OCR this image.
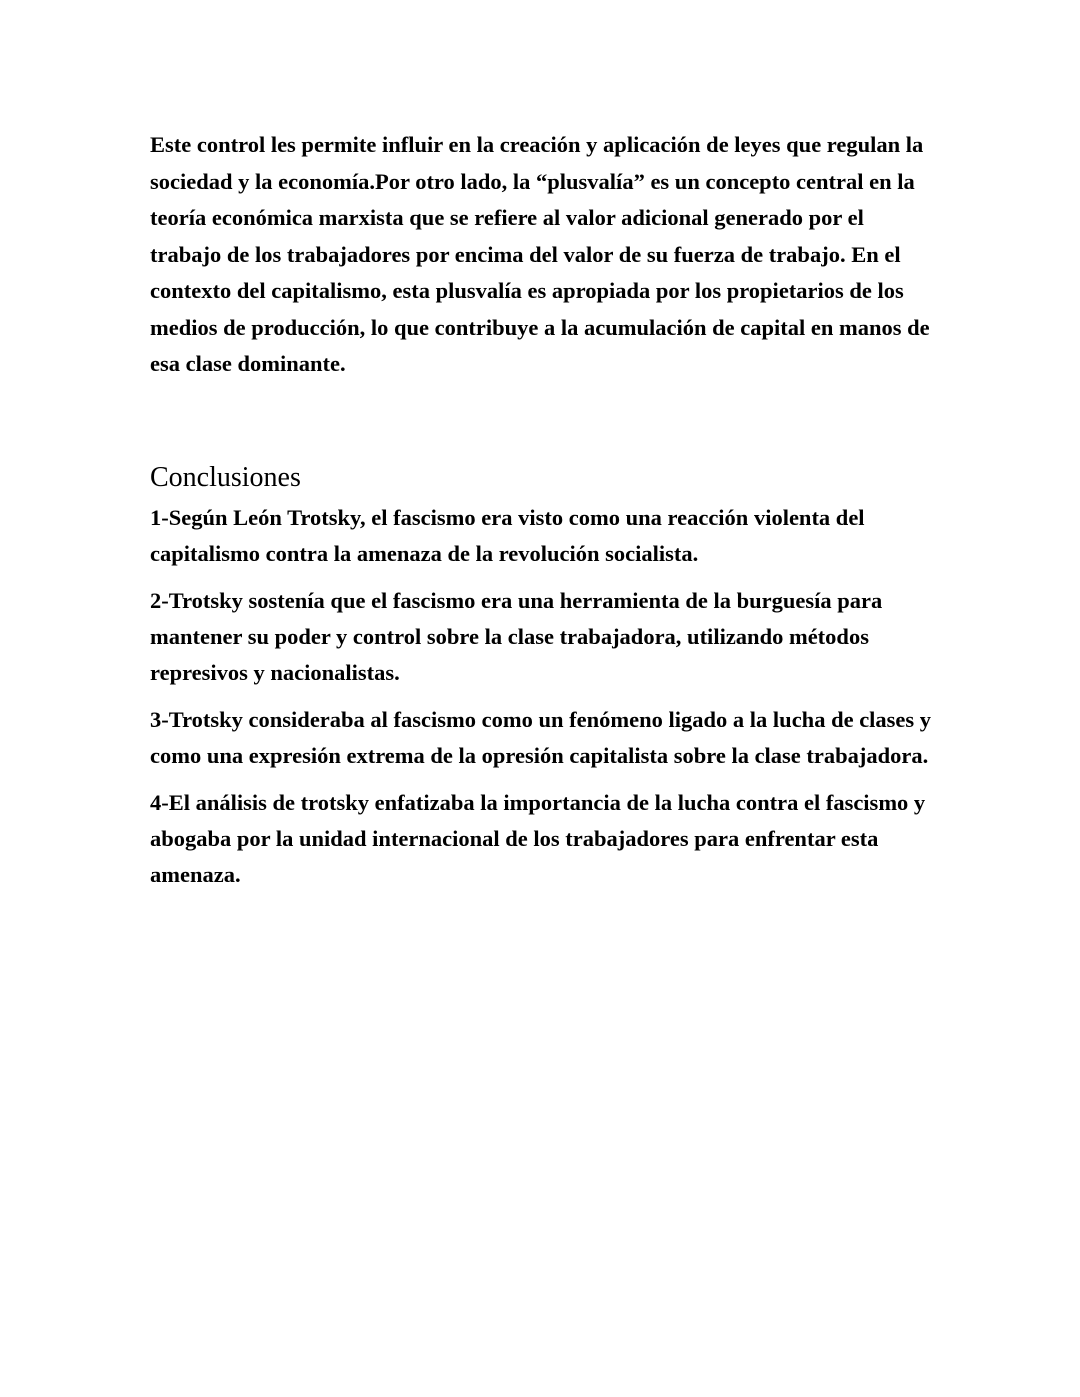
Este control les permite influir en la creación y aplicación de leyes que regulan la sociedad y la economía.Por otro lado, la “plusvalía” es un concepto central en la teoría económica marxista que se refiere al valor adicional generado por el trabajo de los trabajadores por encima del valor de su fuerza de trabajo. En el contexto del capitalismo, esta plusvalía es apropiada por los propietarios de los medios de producción, lo que contribuye a la acumulación de capital en manos de esa clase dominante.

Conclusiones

1-Según León Trotsky, el fascismo era visto como una reacción violenta del capitalismo contra la amenaza de la revolución socialista.

2-Trotsky sostenía que el fascismo era una herramienta de la burguesía para mantener su poder y control sobre la clase trabajadora, utilizando métodos represivos y nacionalistas.

3-Trotsky consideraba al fascismo como un fenómeno ligado a la lucha de clases y como una expresión extrema de la opresión capitalista sobre la clase trabajadora.

4-El análisis de trotsky enfatizaba la importancia de la lucha contra el fascismo y abogaba por la unidad internacional de los trabajadores para enfrentar esta amenaza.
